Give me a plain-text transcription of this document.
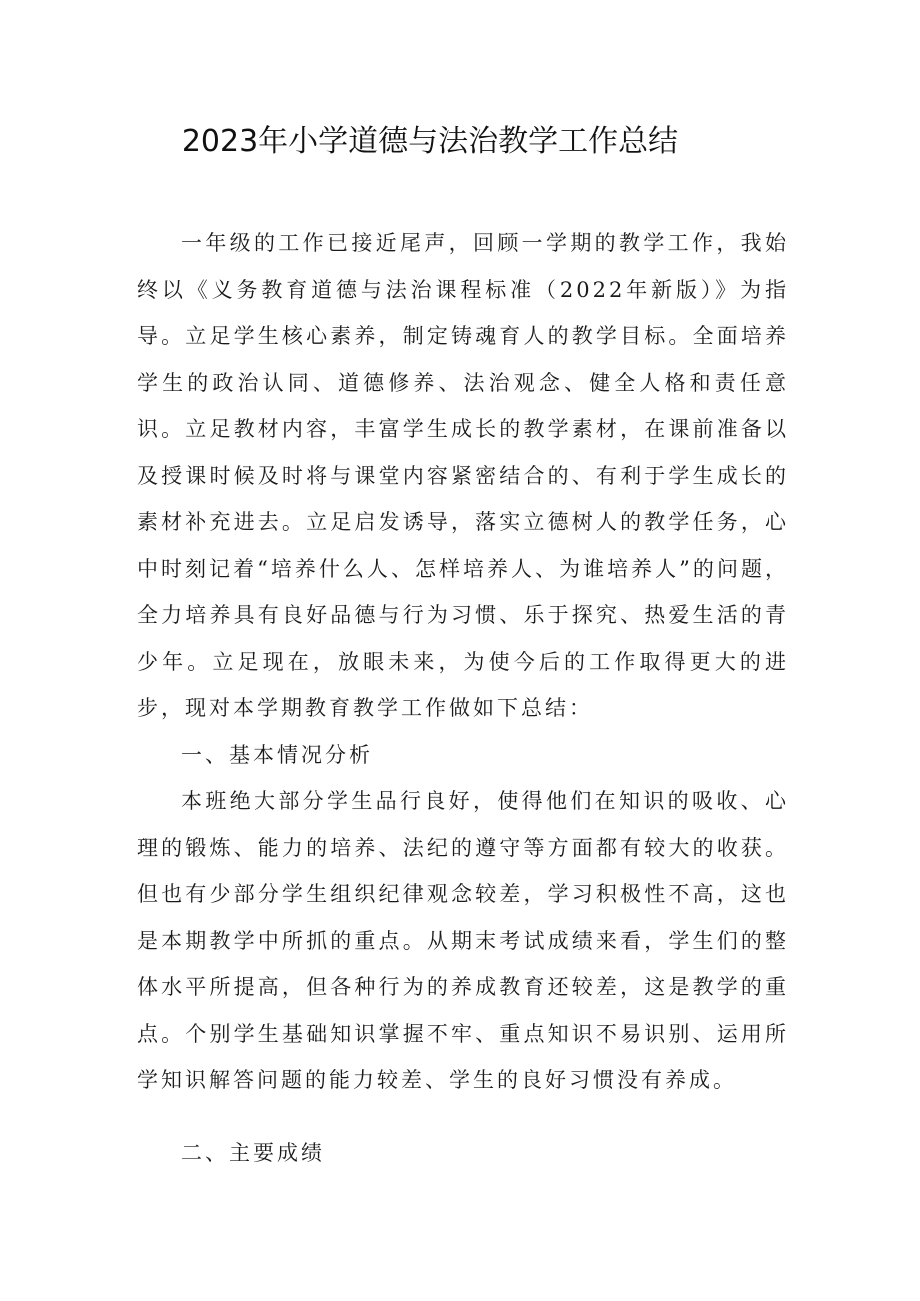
2023年小学道德与法治教学工作总结

一年级的工作已接近尾声，回顾一学期的教学工作，我始终以《义务教育道德与法治课程标准（2022年新版）》为指导。立足学生核心素养，制定铸魂育人的教学目标。全面培养学生的政治认同、道德修养、法治观念、健全人格和责任意识。立足教材内容，丰富学生成长的教学素材，在课前准备以及授课时候及时将与课堂内容紧密结合的、有利于学生成长的素材补充进去。立足启发诱导，落实立德树人的教学任务，心中时刻记着“培养什么人、怎样培养人、为谁培养人”的问题，全力培养具有良好品德与行为习惯、乐于探究、热爱生活的青少年。立足现在，放眼未来，为使今后的工作取得更大的进步，现对本学期教育教学工作做如下总结：

一、基本情况分析

本班绝大部分学生品行良好，使得他们在知识的吸收、心理的锻炼、能力的培养、法纪的遵守等方面都有较大的收获。但也有少部分学生组织纪律观念较差，学习积极性不高，这也是本期教学中所抓的重点。从期末考试成绩来看，学生们的整体水平所提高，但各种行为的养成教育还较差，这是教学的重点。个别学生基础知识掌握不牢、重点知识不易识别、运用所学知识解答问题的能力较差、学生的良好习惯没有养成。

二、主要成绩
